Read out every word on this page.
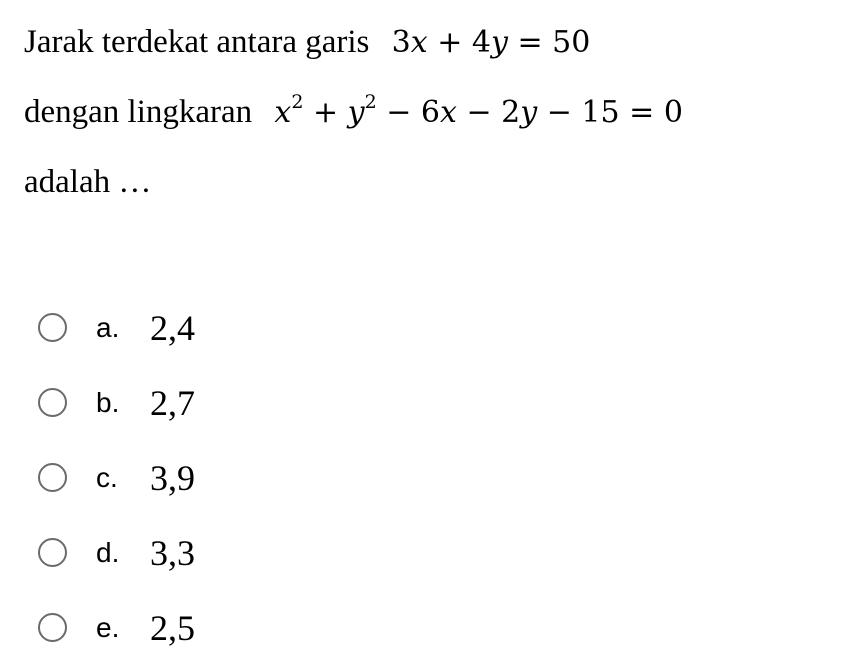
Jarak terdekat antara garis 3x + 4y = 50
dengan lingkaran $x^2 + y^2 - 6x - 2y - 15 = 0$
adalah …
a. 2,4
b. 2,7
c. 3,9
d. 3,3
e. 2,5
